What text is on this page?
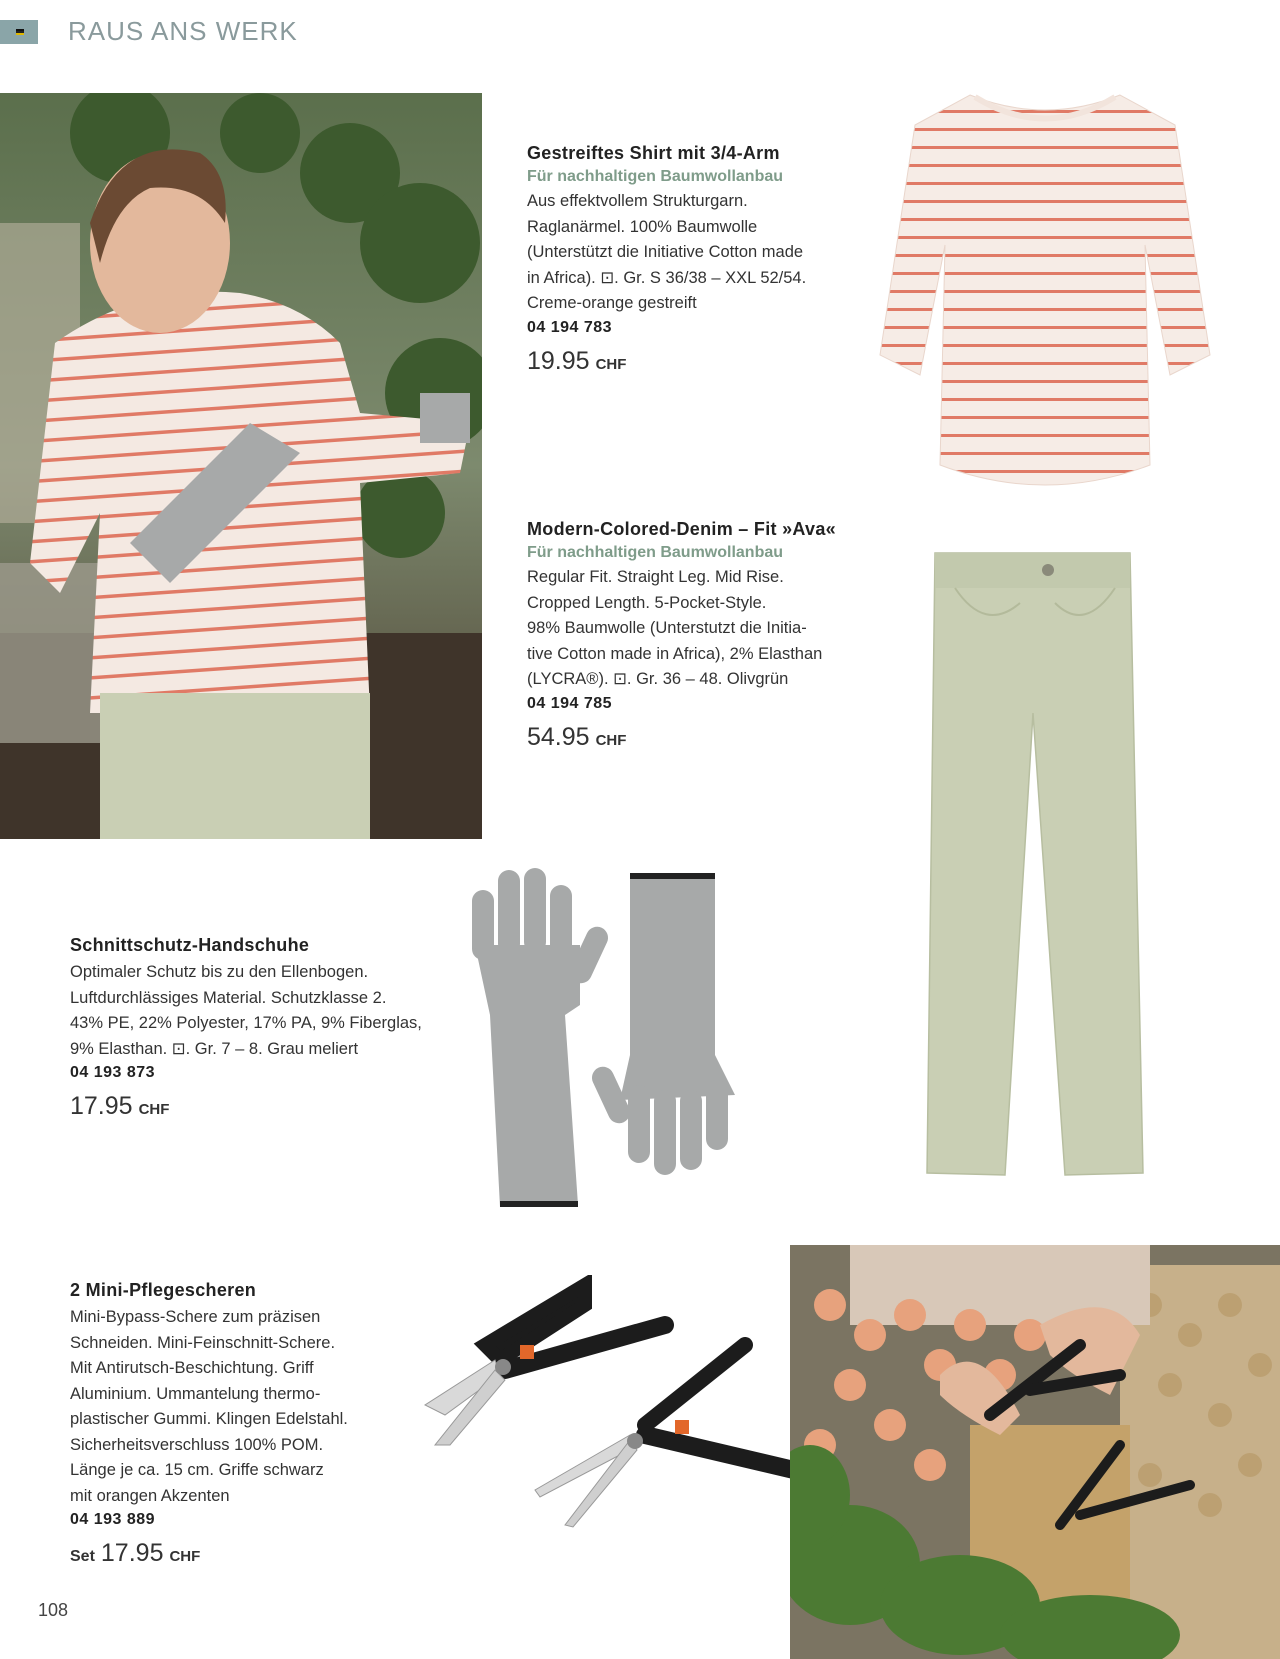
RAUS ANS WERK
Gestreiftes Shirt mit 3/4-Arm
Für nachhaltigen Baumwollanbau
Aus effektvollem Strukturgarn.
Raglanärmel. 100% Baumwolle
(Unterstützt die Initiative Cotton made
in Africa). ⊡. Gr. S 36/38 – XXL 52/54.
Creme-orange gestreift
04 194 783
19.95 CHF
Modern-Colored-Denim – Fit »Ava«
Für nachhaltigen Baumwollanbau
Regular Fit. Straight Leg. Mid Rise.
Cropped Length. 5-Pocket-Style.
98% Baumwolle (Unterstutzt die Initia-
tive Cotton made in Africa), 2% Elasthan
(LYCRA®). ⊡. Gr. 36 – 48. Olivgrün
04 194 785
54.95 CHF
Schnittschutz-Handschuhe
Optimaler Schutz bis zu den Ellenbogen.
Luftdurchlässiges Material. Schutzklasse 2.
43% PE, 22% Polyester, 17% PA, 9% Fiberglas,
9% Elasthan. ⊡. Gr. 7 – 8. Grau meliert
04 193 873
17.95 CHF
2 Mini-Pflegescheren
Mini-Bypass-Schere zum präzisen
Schneiden. Mini-Feinschnitt-Schere.
Mit Antirutsch-Beschichtung. Griff
Aluminium. Ummantelung thermo-
plastischer Gummi. Klingen Edelstahl.
Sicherheitsverschluss 100% POM.
Länge je ca. 15 cm. Griffe schwarz
mit orangen Akzenten
04 193 889
Set 17.95 CHF
108
